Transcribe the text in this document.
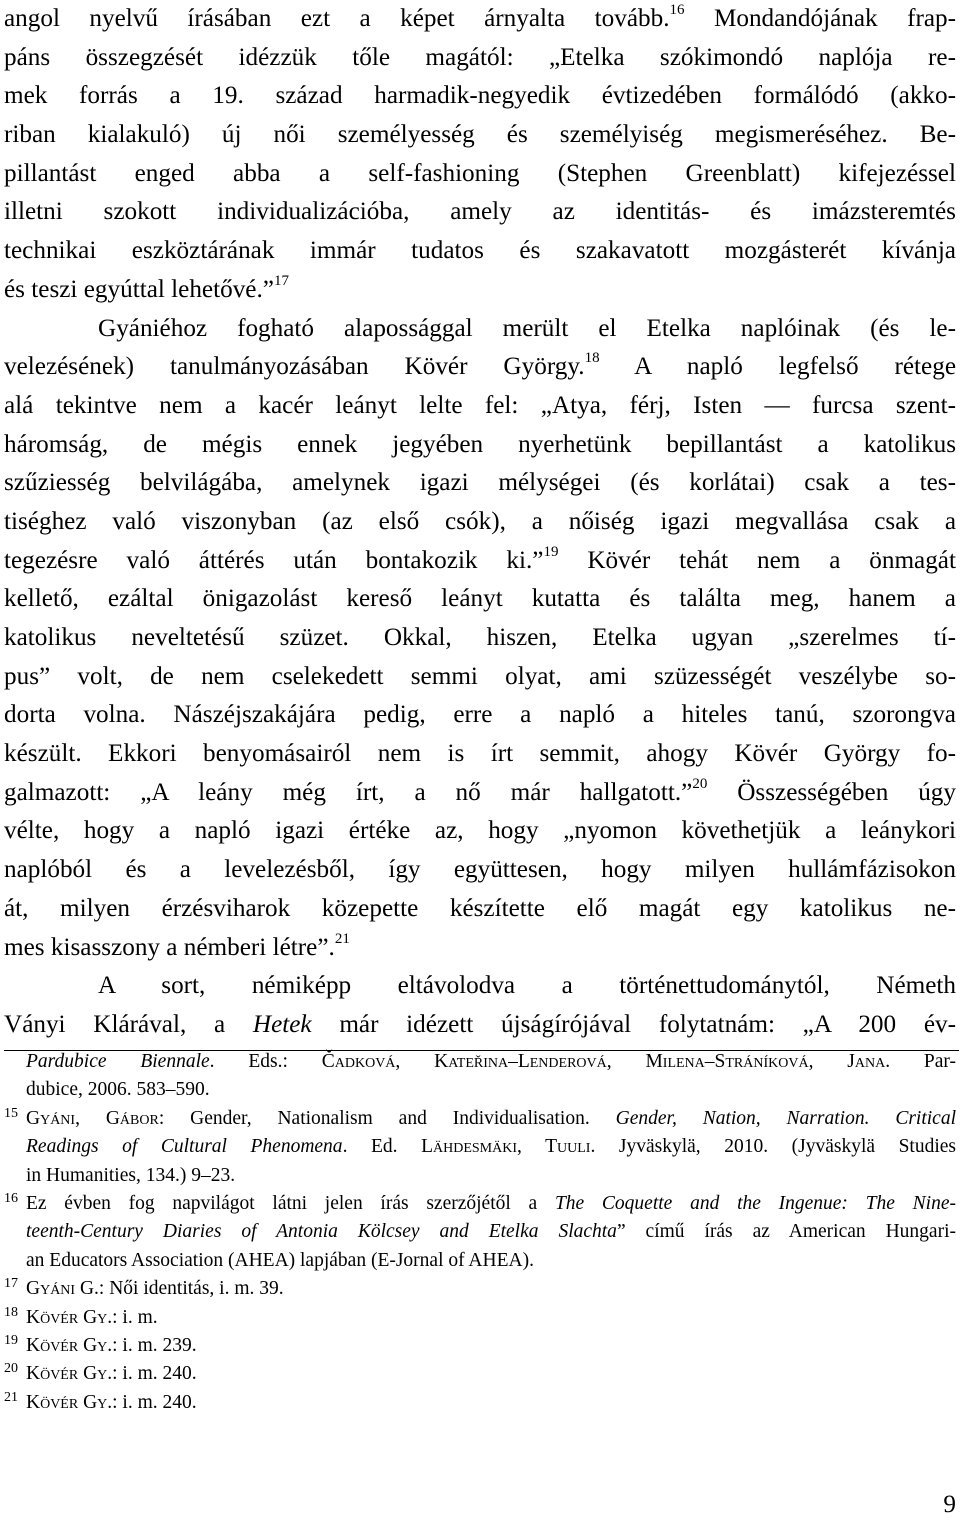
angol nyelvű írásában ezt a képet árnyalta tovább.$^{16}$ Mondandójának frap-
páns összegzését idézzük tőle magától: „Etelka szókimondó naplója re-
mek forrás a 19. század harmadik-negyedik évtizedében formálódó (akko-
riban kialakuló) új női személyesség és személyiség megismeréséhez. Be-
pillantást enged abba a self-fashioning (Stephen Greenblatt) kifejezéssel
illetni szokott individualizációba, amely az identitás- és imázsteremtés
technikai eszköztárának immár tudatos és szakavatott mozgásterét kívánja
és teszi egyúttal lehetővé.”$^{17}$
Gyániéhoz fogható alapossággal merült el Etelka naplóinak (és le-
velezésének) tanulmányozásában Kövér György.$^{18}$ A napló legfelső rétege
alá tekintve nem a kacér leányt lelte fel: „Atya, férj, Isten — furcsa szent-
háromság, de mégis ennek jegyében nyerhetünk bepillantást a katolikus
szűziesség belvilágába, amelynek igazi mélységei (és korlátai) csak a tes-
tiséghez való viszonyban (az első csók), a nőiség igazi megvallása csak a
tegezésre való áttérés után bontakozik ki.”$^{19}$ Kövér tehát nem a önmagát
kellető, ezáltal önigazolást kereső leányt kutatta és találta meg, hanem a
katolikus neveltetésű szüzet. Okkal, hiszen, Etelka ugyan „szerelmes tí-
pus” volt, de nem cselekedett semmi olyat, ami szüzességét veszélybe so-
dorta volna. Nászéjszakájára pedig, erre a napló a hiteles tanú, szorongva
készült. Ekkori benyomásairól nem is írt semmit, ahogy Kövér György fo-
galmazott: „A leány még írt, a nő már hallgatott.”$^{20}$ Összességében úgy
vélte, hogy a napló igazi értéke az, hogy „nyomon követhetjük a leánykori
naplóból és a levelezésből, így együttesen, hogy milyen hullámfázisokon
át, milyen érzésviharok közepette készítette elő magát egy katolikus ne-
mes kisasszony a némberi létre”.$^{21}$
A sort, némiképp eltávolodva a történettudománytól, Németh
Ványi Klárával, a Hetek már idézett újságírójával folytatnám: „A 200 év-
Pardubice Biennale. Eds.: Čadková, Kateřina–Lenderová, Milena–Stráníková, Jana. Par-
dubice, 2006. 583–590.
15 Gyáni, Gábor: Gender, Nationalism and Individualisation. Gender, Nation, Narration. Critical
Readings of Cultural Phenomena. Ed. Lähdesmäki, Tuuli. Jyväskylä, 2010. (Jyväskylä Studies
in Humanities, 134.) 9–23.
16 Ez évben fog napvilágot látni jelen írás szerzőjétől a The Coquette and the Ingenue: The Nine-
teenth-Century Diaries of Antonia Kölcsey and Etelka Slachta” című írás az American Hungari-
an Educators Association (AHEA) lapjában (E-Jornal of AHEA).
17 Gyáni G.: Női identitás, i. m. 39.
18 Kövér Gy.: i. m.
19 Kövér Gy.: i. m. 239.
20 Kövér Gy.: i. m. 240.
21 Kövér Gy.: i. m. 240.
9
